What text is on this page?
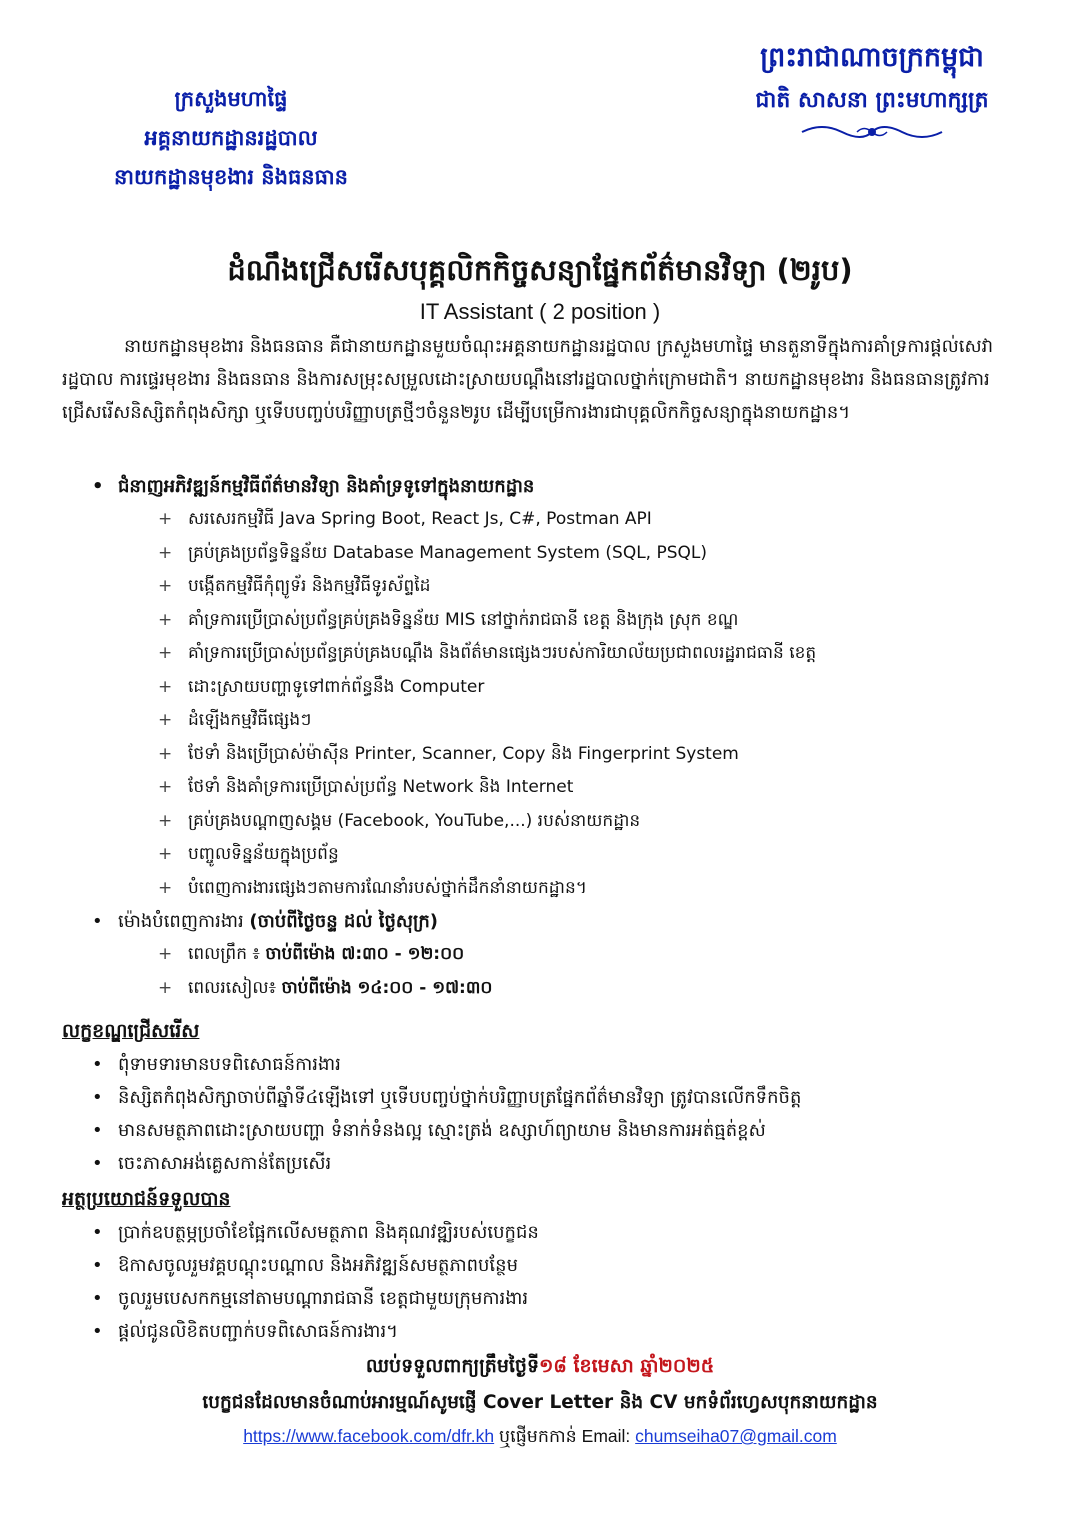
ព្រះរាជាណាចក្រកម្ពុជា
ជាតិ សាសនា ព្រះមហាក្សត្រ
ក្រសួងមហាផ្ទៃ
អគ្គនាយកដ្ឋានរដ្ឋបាល
នាយកដ្ឋានមុខងារ និងធនធាន
ដំណឹងជ្រើសរើសបុគ្គលិកកិច្ចសន្យាផ្នែកព័ត៌មានវិទ្យា (២រូប)
IT Assistant ( 2 position )
នាយកដ្ឋានមុខងារ និងធនធាន គឺជានាយកដ្ឋានមួយចំណុះអគ្គនាយកដ្ឋានរដ្ឋបាល ក្រសួងមហាផ្ទៃ មានតួនាទីក្នុងការគាំទ្រការផ្តល់សេវារដ្ឋបាល ការផ្ទេរមុខងារ និងធនធាន និងការសម្រុះសម្រួលដោះស្រាយបណ្តឹងនៅរដ្ឋបាលថ្នាក់ក្រោមជាតិ។ នាយកដ្ឋានមុខងារ និងធនធានត្រូវការជ្រើសរើសនិស្សិតកំពុងសិក្សា ឬទើបបញ្ចប់បរិញ្ញាបត្រថ្មីៗចំនួន២រូប ដើម្បីបម្រើការងារជាបុគ្គលិកកិច្ចសន្យាក្នុងនាយកដ្ឋាន។
• ជំនាញអភិវឌ្ឍន៍កម្មវិធីព័ត៌មានវិទ្យា និងគាំទ្រទូទៅក្នុងនាយកដ្ឋាន
+ សរសេរកម្មវិធី Java Spring Boot, React Js, C#, Postman API
+ គ្រប់គ្រងប្រព័ន្ធទិន្នន័យ Database Management System (SQL, PSQL)
+ បង្កើតកម្មវិធីកុំព្យូទ័រ និងកម្មវិធីទូរស័ព្ទដៃ
+ គាំទ្រការប្រើប្រាស់ប្រព័ន្ធគ្រប់គ្រងទិន្នន័យ MIS នៅថ្នាក់រាជធានី ខេត្ត និងក្រុង ស្រុក ខណ្ឌ
+ គាំទ្រការប្រើប្រាស់ប្រព័ន្ធគ្រប់គ្រងបណ្តឹង និងព័ត៌មានផ្សេងៗរបស់ការិយាល័យប្រជាពលរដ្ឋរាជធានី ខេត្ត
+ ដោះស្រាយបញ្ហាទូទៅពាក់ព័ន្ធនឹង Computer
+ ដំឡើងកម្មវិធីផ្សេងៗ
+ ថែទាំ និងប្រើប្រាស់ម៉ាស៊ីន Printer, Scanner, Copy និង Fingerprint System
+ ថែទាំ និងគាំទ្រការប្រើប្រាស់ប្រព័ន្ធ Network និង Internet
+ គ្រប់គ្រងបណ្តាញសង្គម (Facebook, YouTube,...) របស់នាយកដ្ឋាន
+ បញ្ចូលទិន្នន័យក្នុងប្រព័ន្ធ
+ បំពេញការងារផ្សេងៗតាមការណែនាំរបស់ថ្នាក់ដឹកនាំនាយកដ្ឋាន។
• ម៉ោងបំពេញការងារ (ចាប់ពីថ្ងៃចន្ទ ដល់ ថ្ងៃសុក្រ)
+ ពេលព្រឹក ៖ ចាប់ពីម៉ោង ៧:៣០ - ១២:០០
+ ពេលរសៀល៖ ចាប់ពីម៉ោង ១៤:០០ - ១៧:៣០
លក្ខខណ្ឌជ្រើសរើស
• ពុំទាមទារមានបទពិសោធន៍ការងារ
• និស្សិតកំពុងសិក្សាចាប់ពីឆ្នាំទី៤ឡើងទៅ ឬទើបបញ្ចប់ថ្នាក់បរិញ្ញាបត្រផ្នែកព័ត៌មានវិទ្យា ត្រូវបានលើកទឹកចិត្ត
• មានសមត្ថភាពដោះស្រាយបញ្ហា ទំនាក់ទំនងល្អ ស្មោះត្រង់ ឧស្សាហ៍ព្យាយាម និងមានការអត់ធ្មត់ខ្ពស់
• ចេះភាសាអង់គ្លេសកាន់តែប្រសើរ
អត្ថប្រយោជន៍ទទួលបាន
• ប្រាក់ឧបត្ថម្ភប្រចាំខែផ្អែកលើសមត្ថភាព និងគុណវឌ្ឍិរបស់បេក្ខជន
• ឱកាសចូលរួមវគ្គបណ្តុះបណ្តាល និងអភិវឌ្ឍន៍សមត្ថភាពបន្ថែម
• ចូលរួមបេសកកម្មនៅតាមបណ្តារាជធានី ខេត្តជាមួយក្រុមការងារ
• ផ្តល់ជូនលិខិតបញ្ជាក់បទពិសោធន៍ការងារ។
ឈប់ទទួលពាក្យត្រឹមថ្ងៃទី១៨ ខែមេសា ឆ្នាំ២០២៥
បេក្ខជនដែលមានចំណាប់អារម្មណ៍សូមផ្ញើ Cover Letter និង CV មកទំព័រហ្វេសបុកនាយកដ្ឋាន
https://www.facebook.com/dfr.kh ឬផ្ញើមកកាន់ Email: chumseiha07@gmail.com
